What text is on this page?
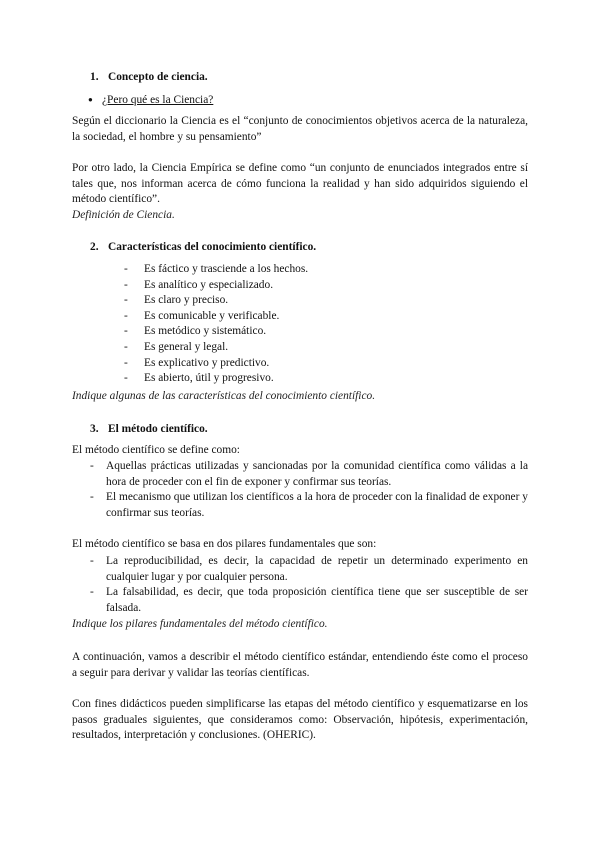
1. Concepto de ciencia.
● ¿Pero qué es la Ciencia?

Según el diccionario la Ciencia es el “conjunto de conocimientos objetivos acerca de la naturaleza, la sociedad, el hombre y su pensamiento”

Por otro lado, la Ciencia Empírica se define como “un conjunto de enunciados integrados entre sí tales que, nos informan acerca de cómo funciona la realidad y han sido adquiridos siguiendo el método científico”.

Definición de Ciencia.

2. Características del conocimiento científico.
- Es fáctico y trasciende a los hechos.
- Es analítico y especializado.
- Es claro y preciso.
- Es comunicable y verificable.
- Es metódico y sistemático.
- Es general y legal.
- Es explicativo y predictivo.
- Es abierto, útil y progresivo.

Indique algunas de las características del conocimiento científico.

3. El método científico.

El método científico se define como:

- Aquellas prácticas utilizadas y sancionadas por la comunidad científica como válidas a la hora de proceder con el fin de exponer y confirmar sus teorías.
- El mecanismo que utilizan los científicos a la hora de proceder con la finalidad de exponer y confirmar sus teorías.

El método científico se basa en dos pilares fundamentales que son:

- La reproducibilidad, es decir, la capacidad de repetir un determinado experimento en cualquier lugar y por cualquier persona.
- La falsabilidad, es decir, que toda proposición científica tiene que ser susceptible de ser falsada.

Indique los pilares fundamentales del método científico.

A continuación, vamos a describir el método científico estándar, entendiendo éste como el proceso a seguir para derivar y validar las teorías científicas.

Con fines didácticos pueden simplificarse las etapas del método científico y esquematizarse en los pasos graduales siguientes, que consideramos como: Observación, hipótesis, experimentación, resultados, interpretación y conclusiones. (OHERIC).
